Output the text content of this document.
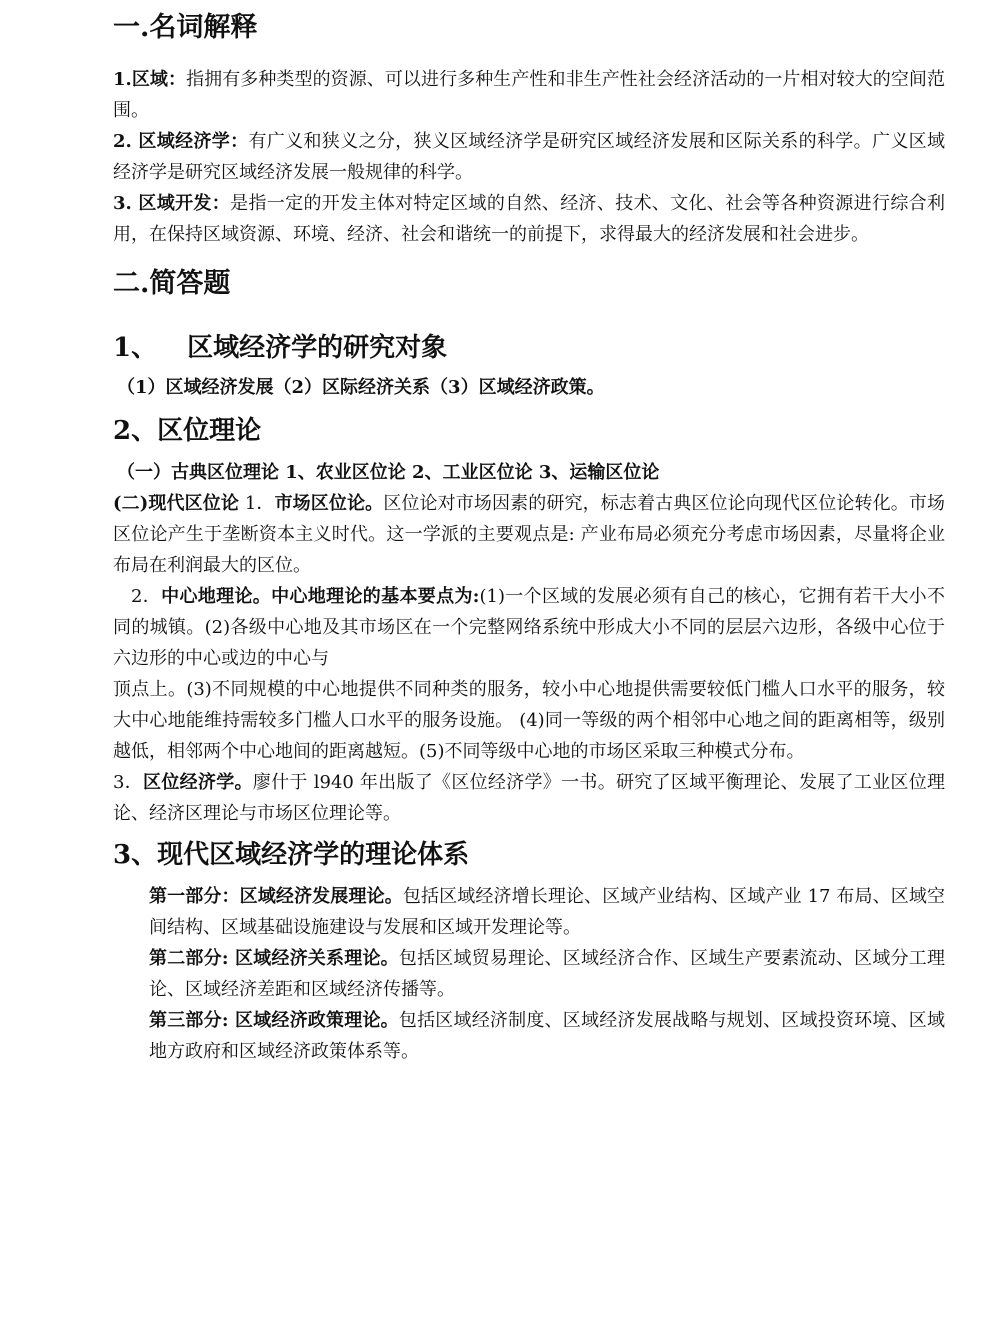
一.名词解释

1.区域：指拥有多种类型的资源、可以进行多种生产性和非生产性社会经济活动的一片相对较大的空间范围。

2. 区域经济学：有广义和狭义之分，狭义区域经济学是研究区域经济发展和区际关系的科学。广义区域经济学是研究区域经济发展一般规律的科学。

3. 区域开发：是指一定的开发主体对特定区域的自然、经济、技术、文化、社会等各种资源进行综合利用，在保持区域资源、环境、经济、社会和谐统一的前提下，求得最大的经济发展和社会进步。

二.简答题
1、 区域经济学的研究对象

（1）区域经济发展（2）区际经济关系（3）区域经济政策。

2、区位理论

（一）古典区位理论 1、农业区位论 2、工业区位论 3、运输区位论

(二)现代区位论 1．市场区位论。区位论对市场因素的研究，标志着古典区位论向现代区位论转化。市场区位论产生于垄断资本主义时代。这一学派的主要观点是: 产业布局必须充分考虑市场因素，尽量将企业布局在利润最大的区位。

2．中心地理论。中心地理论的基本要点为:(1)一个区域的发展必须有自己的核心，它拥有若干大小不同的城镇。(2)各级中心地及其市场区在一个完整网络系统中形成大小不同的层层六边形，各级中心位于六边形的中心或边的中心与

顶点上。(3)不同规模的中心地提供不同种类的服务，较小中心地提供需要较低门槛人口水平的服务，较大中心地能维持需较多门槛人口水平的服务设施。 (4)同一等级的两个相邻中心地之间的距离相等，级别越低，相邻两个中心地间的距离越短。(5)不同等级中心地的市场区采取三种模式分布。

3．区位经济学。廖什于 l940 年出版了《区位经济学》一书。研究了区域平衡理论、发展了工业区位理论、经济区理论与市场区位理论等。

3、现代区域经济学的理论体系

第一部分：区域经济发展理论。包括区域经济增长理论、区域产业结构、区域产业 17 布局、区域空间结构、区域基础设施建设与发展和区域开发理论等。

第二部分: 区域经济关系理论。包括区域贸易理论、区域经济合作、区域生产要素流动、区域分工理论、区域经济差距和区域经济传播等。

第三部分: 区域经济政策理论。包括区域经济制度、区域经济发展战略与规划、区域投资环境、区域地方政府和区域经济政策体系等。
